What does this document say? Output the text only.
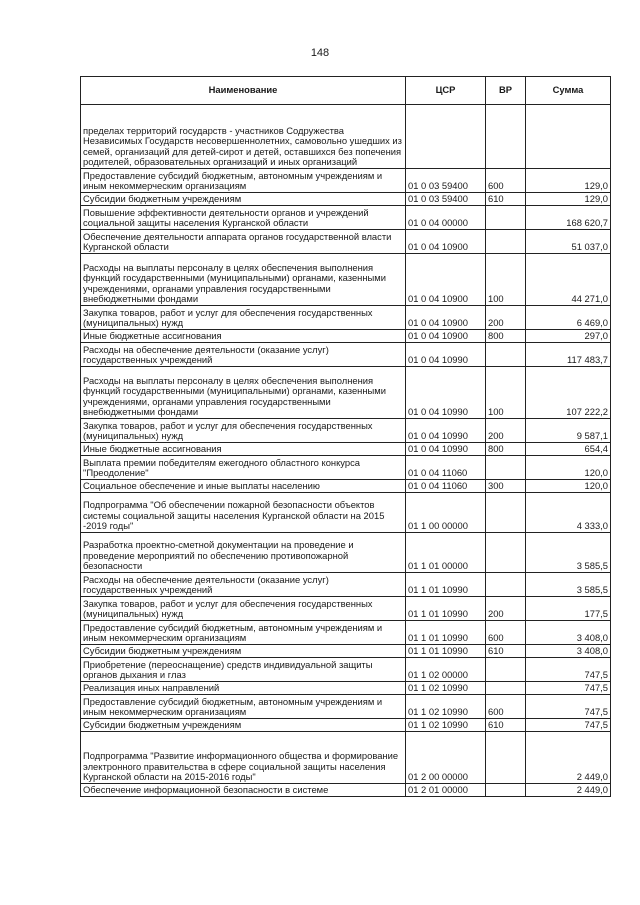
148
Наименование	ЦСР	ВР	Сумма
пределах территорий государств - участников Содружества Независимых Государств несовершеннолетних, самовольно ушедших из семей, организаций для детей-сирот и детей, оставшихся без попечения родителей, образовательных организаций и иных организаций			
Предоставление субсидий бюджетным, автономным учреждениям и иным некоммерческим организациям	01 0 03 59400	600	129,0
Субсидии бюджетным учреждениям	01 0 03 59400	610	129,0
Повышение эффективности деятельности органов и учреждений социальной защиты населения Курганской области	01 0 04 00000		168 620,7
Обеспечение деятельности аппарата органов государственной власти Курганской области	01 0 04 10900		51 037,0
Расходы на выплаты персоналу в целях обеспечения выполнения функций государственными (муниципальными) органами, казенными учреждениями, органами управления государственными внебюджетными фондами	01 0 04 10900	100	44 271,0
Закупка товаров, работ и услуг для обеспечения государственных (муниципальных) нужд	01 0 04 10900	200	6 469,0
Иные бюджетные ассигнования	01 0 04 10900	800	297,0
Расходы на обеспечение деятельности (оказание услуг) государственных учреждений	01 0 04 10990		117 483,7
Расходы на выплаты персоналу в целях обеспечения выполнения функций государственными (муниципальными) органами, казенными учреждениями, органами управления государственными внебюджетными фондами	01 0 04 10990	100	107 222,2
Закупка товаров, работ и услуг для обеспечения государственных (муниципальных) нужд	01 0 04 10990	200	9 587,1
Иные бюджетные ассигнования	01 0 04 10990	800	654,4
Выплата премии победителям ежегодного областного конкурса "Преодоление"	01 0 04 11060		120,0
Социальное обеспечение и иные выплаты населению	01 0 04 11060	300	120,0
Подпрограмма "Об обеспечении пожарной безопасности объектов системы социальной защиты населения Курганской области на 2015 -2019 годы"	01 1 00 00000		4 333,0
Разработка проектно-сметной документации на проведение и проведение мероприятий по обеспечению противопожарной безопасности	01 1 01 00000		3 585,5
Расходы на обеспечение деятельности (оказание услуг) государственных учреждений	01 1 01 10990		3 585,5
Закупка товаров, работ и услуг для обеспечения государственных (муниципальных) нужд	01 1 01 10990	200	177,5
Предоставление субсидий бюджетным, автономным учреждениям и иным некоммерческим организациям	01 1 01 10990	600	3 408,0
Субсидии бюджетным учреждениям	01 1 01 10990	610	3 408,0
Приобретение (переоснащение) средств индивидуальной защиты органов дыхания и глаз	01 1 02 00000		747,5
Реализация иных направлений	01 1 02 10990		747,5
Предоставление субсидий бюджетным, автономным учреждениям и иным некоммерческим организациям	01 1 02 10990	600	747,5
Субсидии бюджетным учреждениям	01 1 02 10990	610	747,5
Подпрограмма "Развитие информационного общества и формирование электронного правительства в сфере социальной защиты населения Курганской области на 2015-2016 годы"	01 2 00 00000		2 449,0
Обеспечение информационной безопасности в системе	01 2 01 00000		2 449,0
